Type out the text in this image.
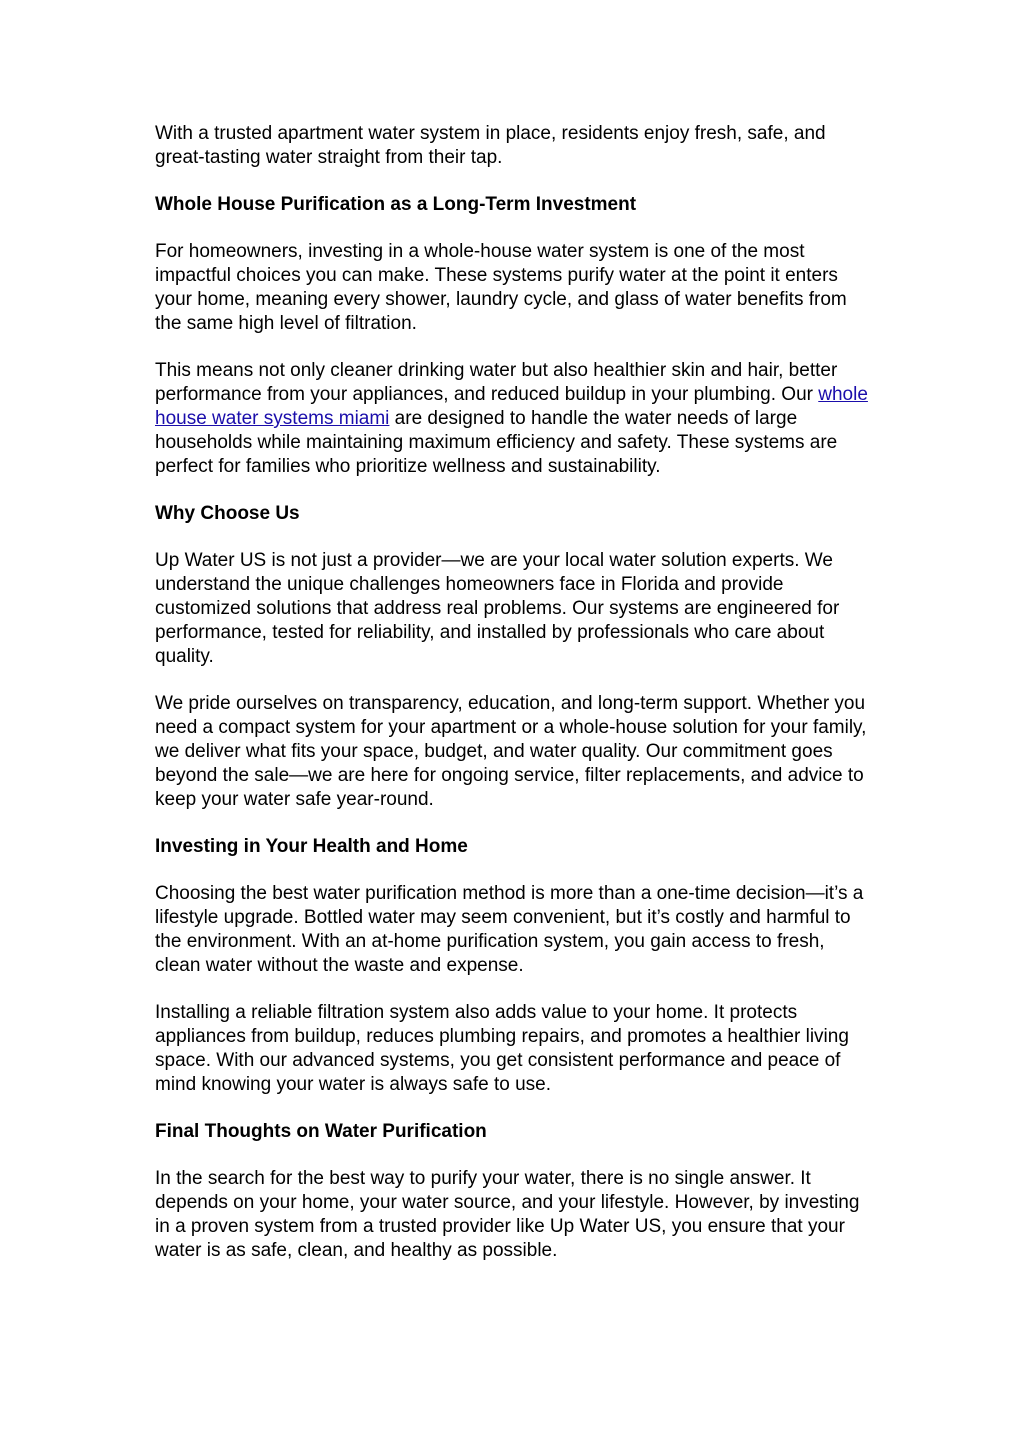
With a trusted apartment water system in place, residents enjoy fresh, safe, and great-tasting water straight from their tap.

Whole House Purification as a Long-Term Investment

For homeowners, investing in a whole-house water system is one of the most impactful choices you can make. These systems purify water at the point it enters your home, meaning every shower, laundry cycle, and glass of water benefits from the same high level of filtration.

This means not only cleaner drinking water but also healthier skin and hair, better performance from your appliances, and reduced buildup in your plumbing. Our whole house water systems miami are designed to handle the water needs of large households while maintaining maximum efficiency and safety. These systems are perfect for families who prioritize wellness and sustainability.

Why Choose Us

Up Water US is not just a provider—we are your local water solution experts. We understand the unique challenges homeowners face in Florida and provide customized solutions that address real problems. Our systems are engineered for performance, tested for reliability, and installed by professionals who care about quality.

We pride ourselves on transparency, education, and long-term support. Whether you need a compact system for your apartment or a whole-house solution for your family, we deliver what fits your space, budget, and water quality. Our commitment goes beyond the sale—we are here for ongoing service, filter replacements, and advice to keep your water safe year-round.

Investing in Your Health and Home

Choosing the best water purification method is more than a one-time decision—it’s a lifestyle upgrade. Bottled water may seem convenient, but it’s costly and harmful to the environment. With an at-home purification system, you gain access to fresh, clean water without the waste and expense.

Installing a reliable filtration system also adds value to your home. It protects appliances from buildup, reduces plumbing repairs, and promotes a healthier living space. With our advanced systems, you get consistent performance and peace of mind knowing your water is always safe to use.

Final Thoughts on Water Purification

In the search for the best way to purify your water, there is no single answer. It depends on your home, your water source, and your lifestyle. However, by investing in a proven system from a trusted provider like Up Water US, you ensure that your water is as safe, clean, and healthy as possible.
